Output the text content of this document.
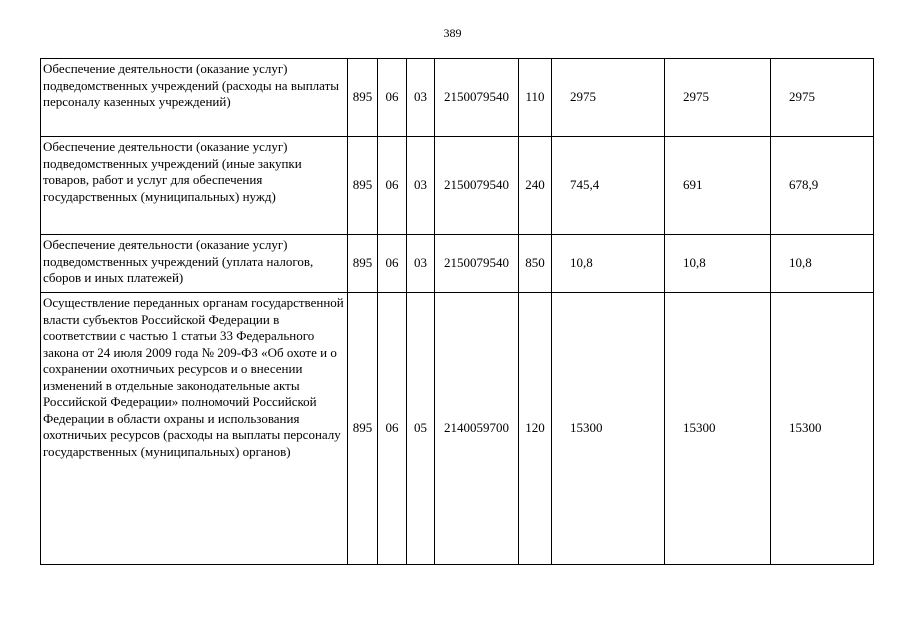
389
Обеспечение деятельности (оказание услуг) подведомственных учреждений (расходы на выплаты персоналу казенных учреждений)	895	06	03	2150079540	110	2975	2975	2975
Обеспечение деятельности (оказание услуг) подведомственных учреждений (иные закупки товаров, работ и услуг для обеспечения государственных (муниципальных) нужд)	895	06	03	2150079540	240	745,4	691	678,9
Обеспечение деятельности (оказание услуг) подведомственных учреждений (уплата налогов, сборов и иных платежей)	895	06	03	2150079540	850	10,8	10,8	10,8
Осуществление переданных органам государственной власти субъектов Российской Федерации в соответствии с частью 1 статьи 33 Федерального закона от 24 июля 2009 года № 209-ФЗ «Об охоте и о сохранении охотничьих ресурсов и о внесении изменений в отдельные законодательные акты Российской Федерации» полномочий Российской Федерации в области охраны и использования охотничьих ресурсов (расходы на выплаты персоналу государственных (муниципальных) органов)	895	06	05	2140059700	120	15300	15300	15300
